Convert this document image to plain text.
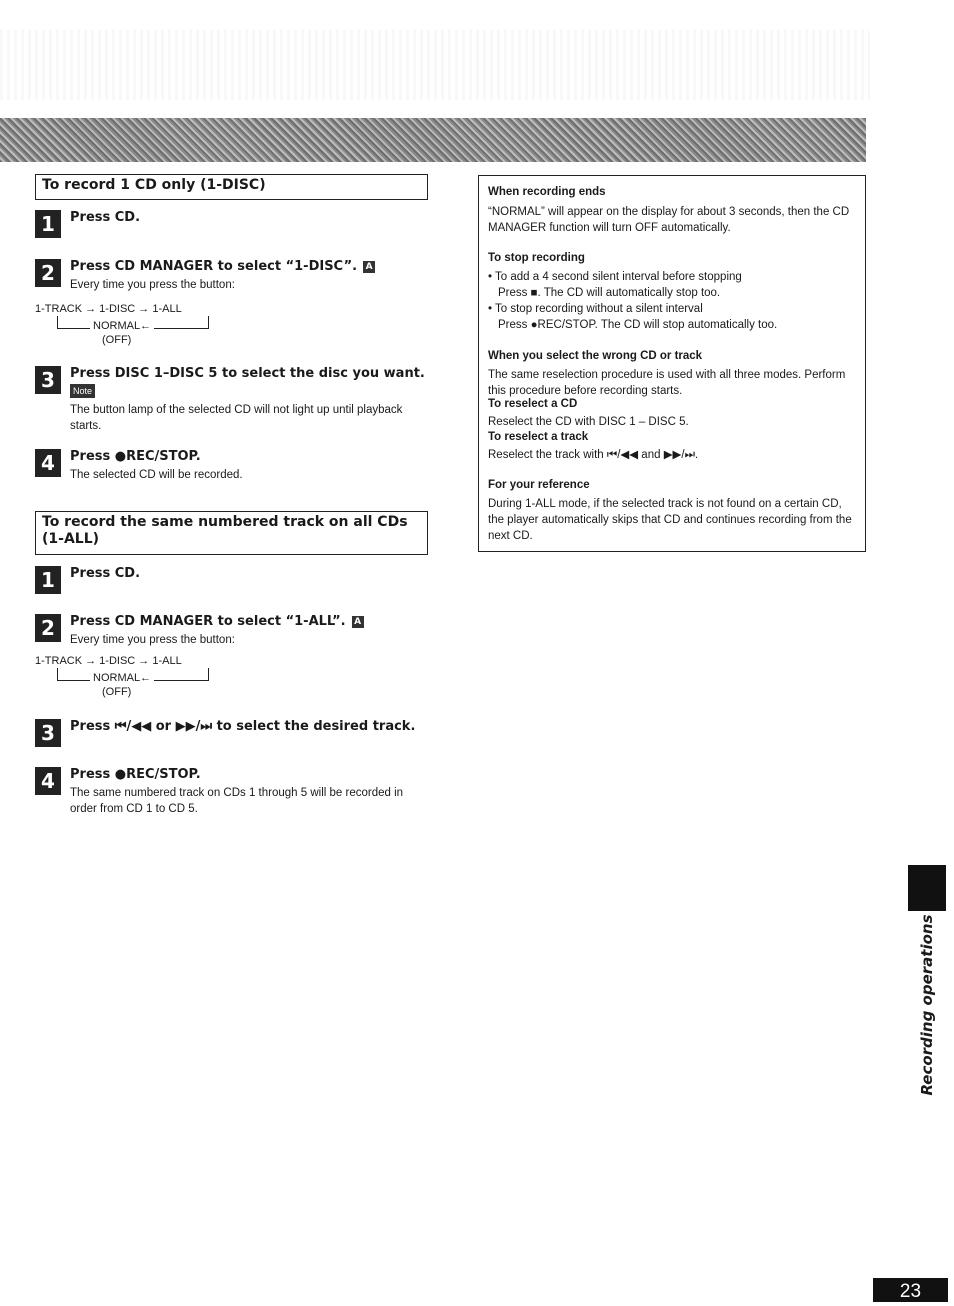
To record 1 CD only (1-DISC)
1	Press CD.
2	Press CD MANAGER to select “1-DISC”. A
Every time you press the button:
1-TRACK → 1-DISC → 1-ALL
NORMAL←
(OFF)
3	Press DISC 1–DISC 5 to select the disc you want.
Note
The button lamp of the selected CD will not light up until playback starts.
4	Press ●REC/STOP.
The selected CD will be recorded.
To record the same numbered track on all CDs (1-ALL)
1	Press CD.
2	Press CD MANAGER to select “1-ALL”. A
Every time you press the button:
1-TRACK → 1-DISC → 1-ALL
NORMAL←
(OFF)
3	Press ⏮/◀◀ or ▶▶/⏭ to select the desired track.
4	Press ●REC/STOP.
The same numbered track on CDs 1 through 5 will be recorded in order from CD 1 to CD 5.
When recording ends
“NORMAL” will appear on the display for about 3 seconds, then the CD MANAGER function will turn OFF automatically.
To stop recording
• To add a 4 second silent interval before stopping
Press ■. The CD will automatically stop too.
• To stop recording without a silent interval
Press ●REC/STOP. The CD will stop automatically too.
When you select the wrong CD or track
The same reselection procedure is used with all three modes. Perform this procedure before recording starts.
To reselect a CD
Reselect the CD with DISC 1 – DISC 5.
To reselect a track
Reselect the track with ⏮/◀◀ and ▶▶/⏭.
For your reference
During 1-ALL mode, if the selected track is not found on a certain CD, the player automatically skips that CD and continues recording from the next CD.
Recording operations
23
